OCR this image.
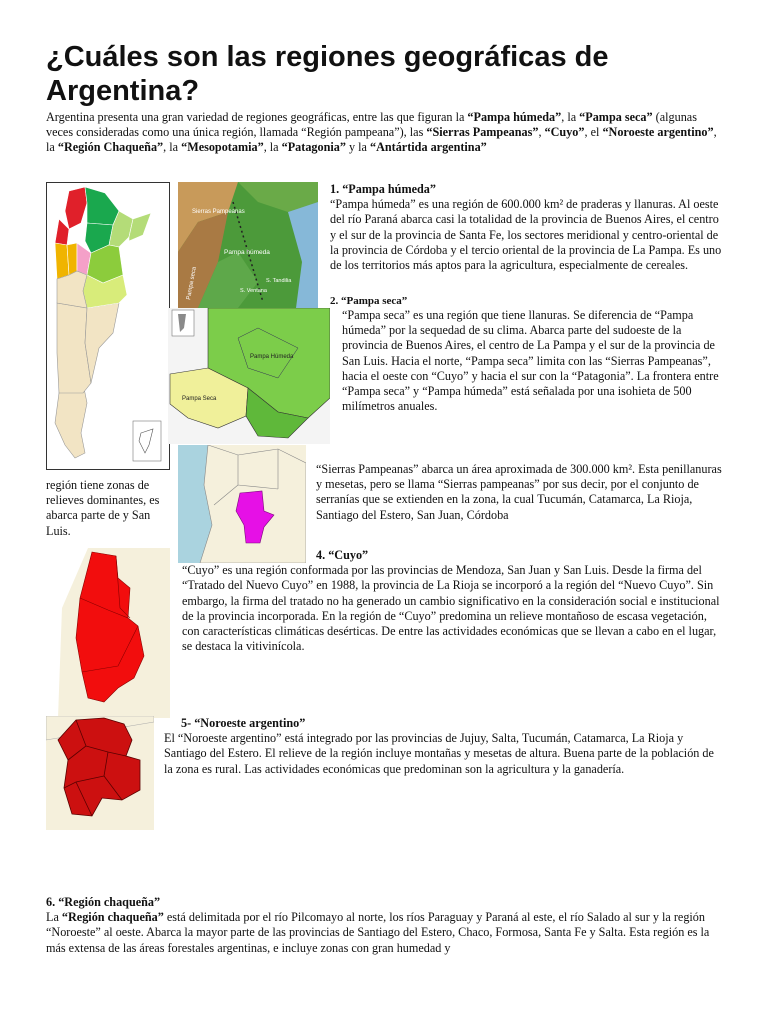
¿Cuáles son las regiones geográficas de Argentina?
Argentina presenta una gran variedad de regiones geográficas, entre las que figuran la “Pampa húmeda”, la “Pampa seca” (algunas veces consideradas como una única región, llamada “Región pampeana”), las “Sierras Pampeanas”, “Cuyo”, el “Noroeste argentino”, la “Región Chaqueña”, la “Mesopotamia”, la “Patagonia” y la “Antártida argentina”
Sierras Pampeanas
Pampa húmeda
Pampa seca	S. Tandilia
S. Ventana
Pampa Seca
Pampa Húmeda
1. “Pampa húmeda”
“Pampa húmeda” es una región de 600.000 km² de praderas y llanuras. Al oeste del río Paraná abarca casi la totalidad de la provincia de Buenos Aires, el centro y el sur de la provincia de Santa Fe, los sectores meridional y centro-oriental de la provincia de Córdoba y el tercio oriental de la provincia de La Pampa. Es uno de los territorios más aptos para la agricultura, especialmente de cereales.
2. “Pampa seca”
“Pampa seca” es una región que tiene llanuras. Se diferencia de “Pampa húmeda” por la sequedad de su clima. Abarca parte del sudoeste de la provincia de Buenos Aires, el centro de La Pampa y el sur de la provincia de San Luis. Hacia el norte, “Pampa seca” limita con las “Sierras Pampeanas”, hacia el oeste con “Cuyo” y hacia el sur con la “Patagonia”. La frontera entre “Pampa seca” y “Pampa húmeda” está señalada por una isohieta de 500 milímetros anuales.
“Sierras Pampeanas” abarca un área aproximada de 300.000 km². Esta penillanuras y mesetas, pero se llama “Sierras pampeanas” por sus decir, por el conjunto de serranías que se extienden en la zona, la cual Tucumán, Catamarca, La Rioja, Santiago del Estero, San Juan, Córdoba
región tiene zonas de relieves dominantes, es abarca parte de y San Luis.
4. “Cuyo”
“Cuyo” es una región conformada por las provincias de Mendoza, San Juan y San Luis. Desde la firma del “Tratado del Nuevo Cuyo” en 1988, la provincia de La Rioja se incorporó a la región del “Nuevo Cuyo”. Sin embargo, la firma del tratado no ha generado un cambio significativo en la consideración social e institucional de la provincia incorporada. En la región de “Cuyo” predomina un relieve montañoso de escasa vegetación, con características climáticas desérticas. De entre las actividades económicas que se llevan a cabo en el lugar, se destaca la vitivinícola.
5- “Noroeste argentino”
El “Noroeste argentino” está integrado por las provincias de Jujuy, Salta, Tucumán, Catamarca, La Rioja y Santiago del Estero. El relieve de la región incluye montañas y mesetas de altura. Buena parte de la población de la zona es rural. Las actividades económicas que predominan son la agricultura y la ganadería.
6. “Región chaqueña”
La “Región chaqueña” está delimitada por el río Pilcomayo al norte, los ríos Paraguay y Paraná al este, el río Salado al sur y la región “Noroeste” al oeste. Abarca la mayor parte de las provincias de Santiago del Estero, Chaco, Formosa, Santa Fe y Salta. Esta región es la más extensa de las áreas forestales argentinas, e incluye zonas con gran humedad y
